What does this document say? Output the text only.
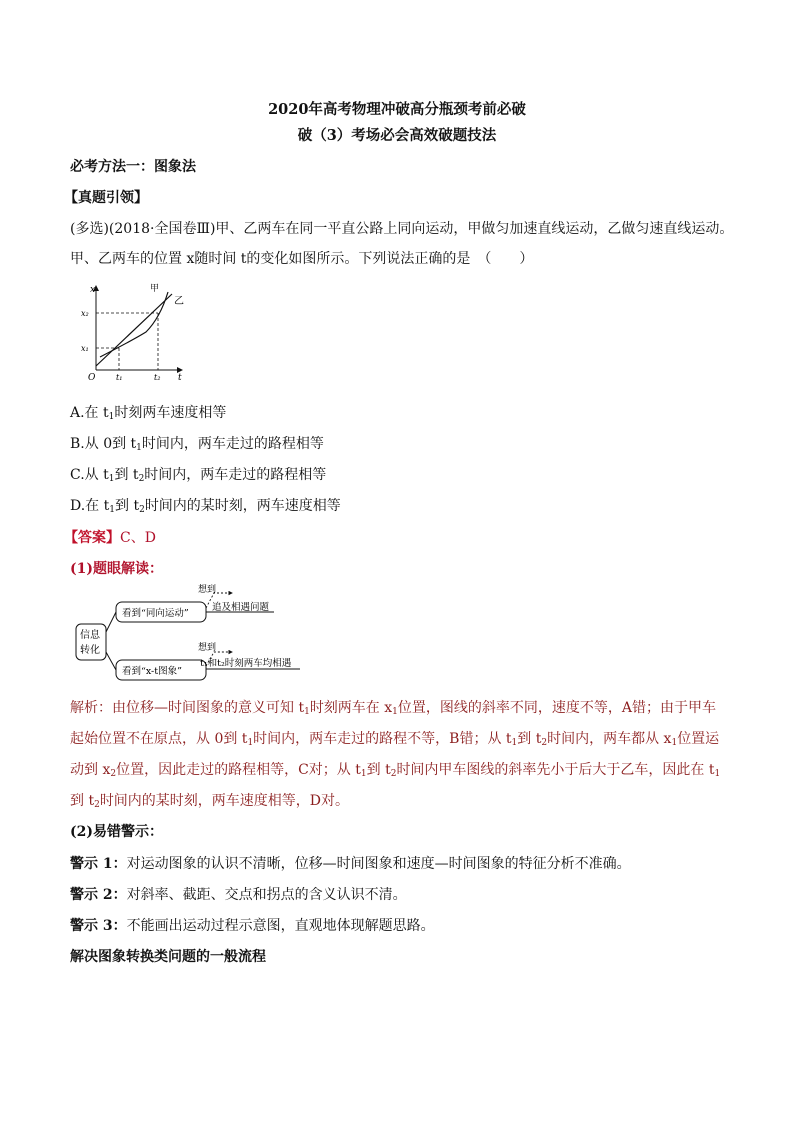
2020年高考物理冲破高分瓶颈考前必破
破（3）考场必会高效破题技法
必考方法一：图象法
【真题引领】
(多选)(2018·全国卷Ⅲ)甲、乙两车在同一平直公路上同向运动，甲做匀加速直线运动，乙做匀速直线运动。
甲、乙两车的位置 x随时间 t的变化如图所示。下列说法正确的是　（　　）
x
t
O
x₂
x₁
t₁	t₂
甲
乙
A.在 $t_1$时刻两车速度相等
B.从 0到 $t_1$时间内，两车走过的路程相等
C.从 $t_1$到 $t_2$时间内，两车走过的路程相等
D.在 $t_1$到 $t_2$时间内的某时刻，两车速度相等
【答案】C、D
(1)题眼解读：
信息
转化
看到“同向运动”
想到
追及相遇问题
看到“x-t图象”
想到
t₁和t₂时刻两车均相遇
解析：由位移—时间图象的意义可知 $t_1$时刻两车在 $x_1$位置，图线的斜率不同，速度不等，A错；由于甲车
起始位置不在原点，从 0到 $t_1$时间内，两车走过的路程不等，B错；从 $t_1$到 $t_2$时间内，两车都从 $x_1$位置运
动到 $x_2$位置，因此走过的路程相等，C对；从 $t_1$到 $t_2$时间内甲车图线的斜率先小于后大于乙车，因此在 $t_1$
到 $t_2$时间内的某时刻，两车速度相等，D对。
(2)易错警示：
警示 1：对运动图象的认识不清晰，位移—时间图象和速度—时间图象的特征分析不准确。
警示 2：对斜率、截距、交点和拐点的含义认识不清。
警示 3：不能画出运动过程示意图，直观地体现解题思路。
解决图象转换类问题的一般流程
